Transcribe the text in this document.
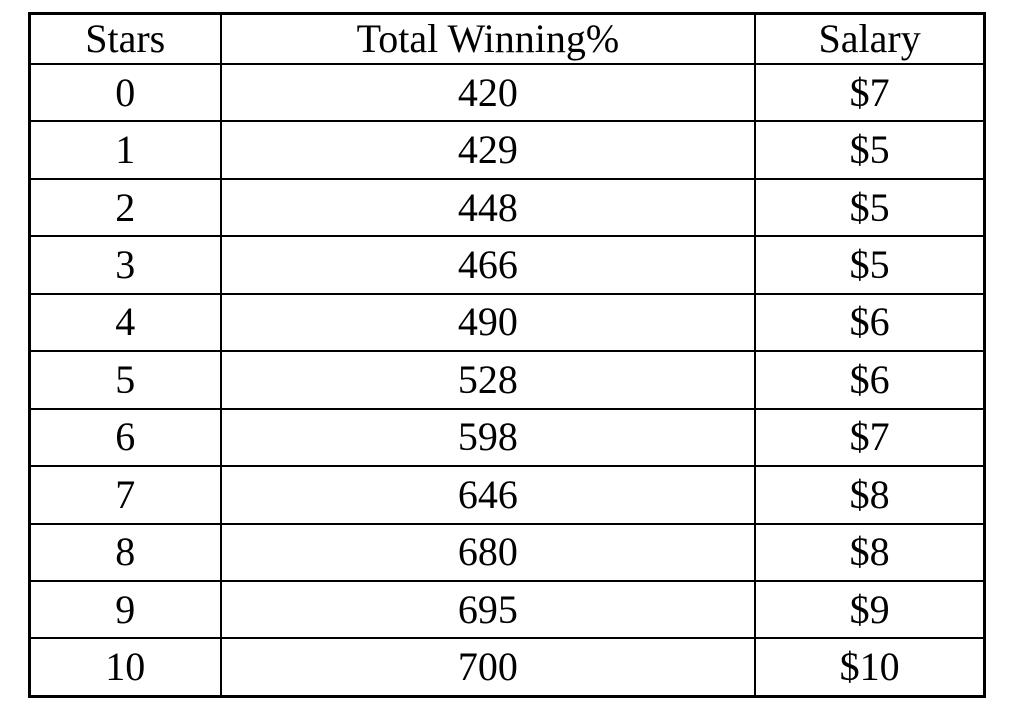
Stars	Total Winning%	Salary
0	420	$7
1	429	$5
2	448	$5
3	466	$5
4	490	$6
5	528	$6
6	598	$7
7	646	$8
8	680	$8
9	695	$9
10	700	$10
